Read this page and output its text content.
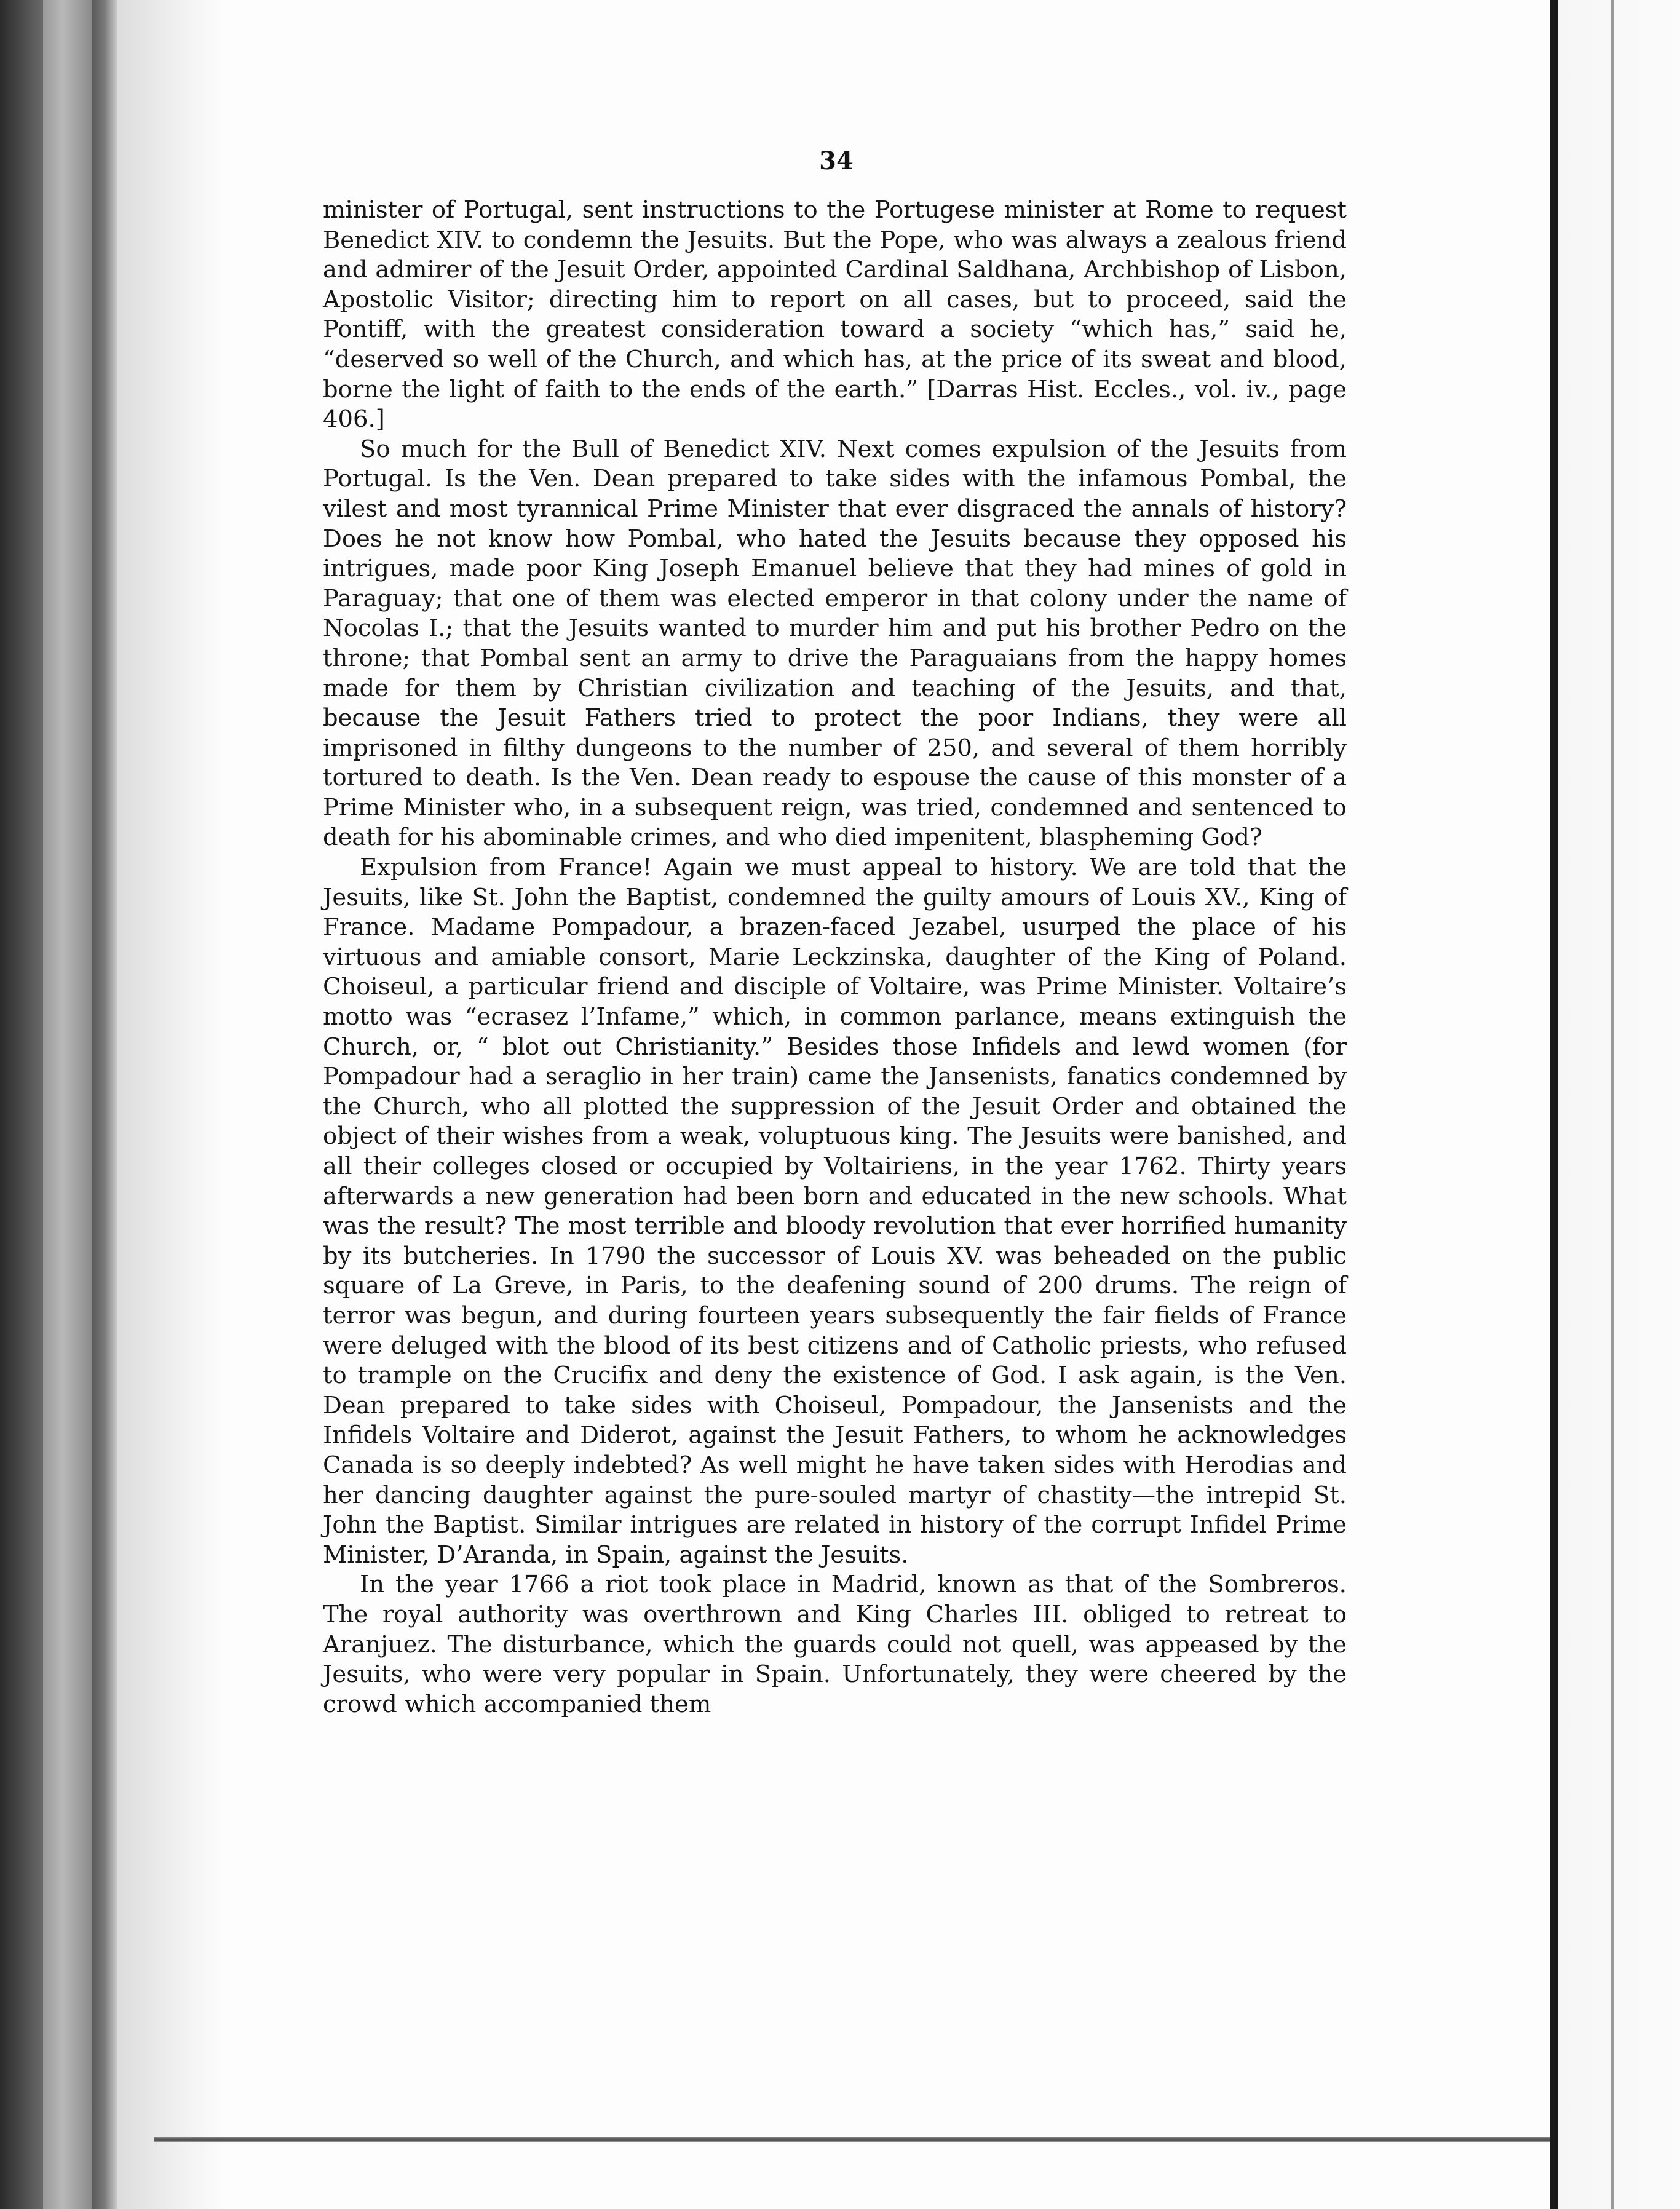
34

minister of Portugal, sent instructions to the Portugese minister at Rome to request Benedict XIV. to condemn the Jesuits. But the Pope, who was always a zealous friend and admirer of the Jesuit Order, appointed Cardinal Saldhana, Archbishop of Lisbon, Apostolic Visitor; directing him to report on all cases, but to proceed, said the Pontiff, with the greatest consideration toward a society “which has,” said he, “deserved so well of the Church, and which has, at the price of its sweat and blood, borne the light of faith to the ends of the earth.” [Darras Hist. Eccles., vol. iv., page 406.]

So much for the Bull of Benedict XIV. Next comes expulsion of the Jesuits from Portugal. Is the Ven. Dean prepared to take sides with the infamous Pombal, the vilest and most tyrannical Prime Minister that ever disgraced the annals of history? Does he not know how Pombal, who hated the Jesuits because they opposed his intrigues, made poor King Joseph Emanuel believe that they had mines of gold in Paraguay; that one of them was elected emperor in that colony under the name of Nocolas I.; that the Jesuits wanted to murder him and put his brother Pedro on the throne; that Pombal sent an army to drive the Paraguaians from the happy homes made for them by Christian civilization and teaching of the Jesuits, and that, because the Jesuit Fathers tried to protect the poor Indians, they were all imprisoned in filthy dungeons to the number of 250, and several of them horribly tortured to death. Is the Ven. Dean ready to espouse the cause of this monster of a Prime Minister who, in a subsequent reign, was tried, condemned and sentenced to death for his abominable crimes, and who died impenitent, blaspheming God?

Expulsion from France! Again we must appeal to history. We are told that the Jesuits, like St. John the Baptist, condemned the guilty amours of Louis XV., King of France. Madame Pompadour, a brazen-faced Jezabel, usurped the place of his virtuous and amiable consort, Marie Leckzinska, daughter of the King of Poland. Choiseul, a particular friend and disciple of Voltaire, was Prime Minister. Voltaire’s motto was “ecrasez l’Infame,” which, in common parlance, means extinguish the Church, or, “ blot out Christianity.” Besides those Infidels and lewd women (for Pompadour had a seraglio in her train) came the Jansenists, fanatics condemned by the Church, who all plotted the suppression of the Jesuit Order and obtained the object of their wishes from a weak, voluptuous king. The Jesuits were banished, and all their colleges closed or occupied by Voltairiens, in the year 1762. Thirty years afterwards a new generation had been born and educated in the new schools. What was the result? The most terrible and bloody revolution that ever horrified humanity by its butcheries. In 1790 the successor of Louis XV. was beheaded on the public square of La Greve, in Paris, to the deafening sound of 200 drums. The reign of terror was begun, and during fourteen years subsequently the fair fields of France were deluged with the blood of its best citizens and of Catholic priests, who refused to trample on the Crucifix and deny the existence of God. I ask again, is the Ven. Dean prepared to take sides with Choiseul, Pompadour, the Jansenists and the Infidels Voltaire and Diderot, against the Jesuit Fathers, to whom he acknowledges Canada is so deeply indebted? As well might he have taken sides with Herodias and her dancing daughter against the pure-souled martyr of chastity—the intrepid St. John the Baptist. Similar intrigues are related in history of the corrupt Infidel Prime Minister, D’Aranda, in Spain, against the Jesuits.

In the year 1766 a riot took place in Madrid, known as that of the Sombreros. The royal authority was overthrown and King Charles III. obliged to retreat to Aranjuez. The disturbance, which the guards could not quell, was appeased by the Jesuits, who were very popular in Spain. Unfortunately, they were cheered by the crowd which accompanied them
